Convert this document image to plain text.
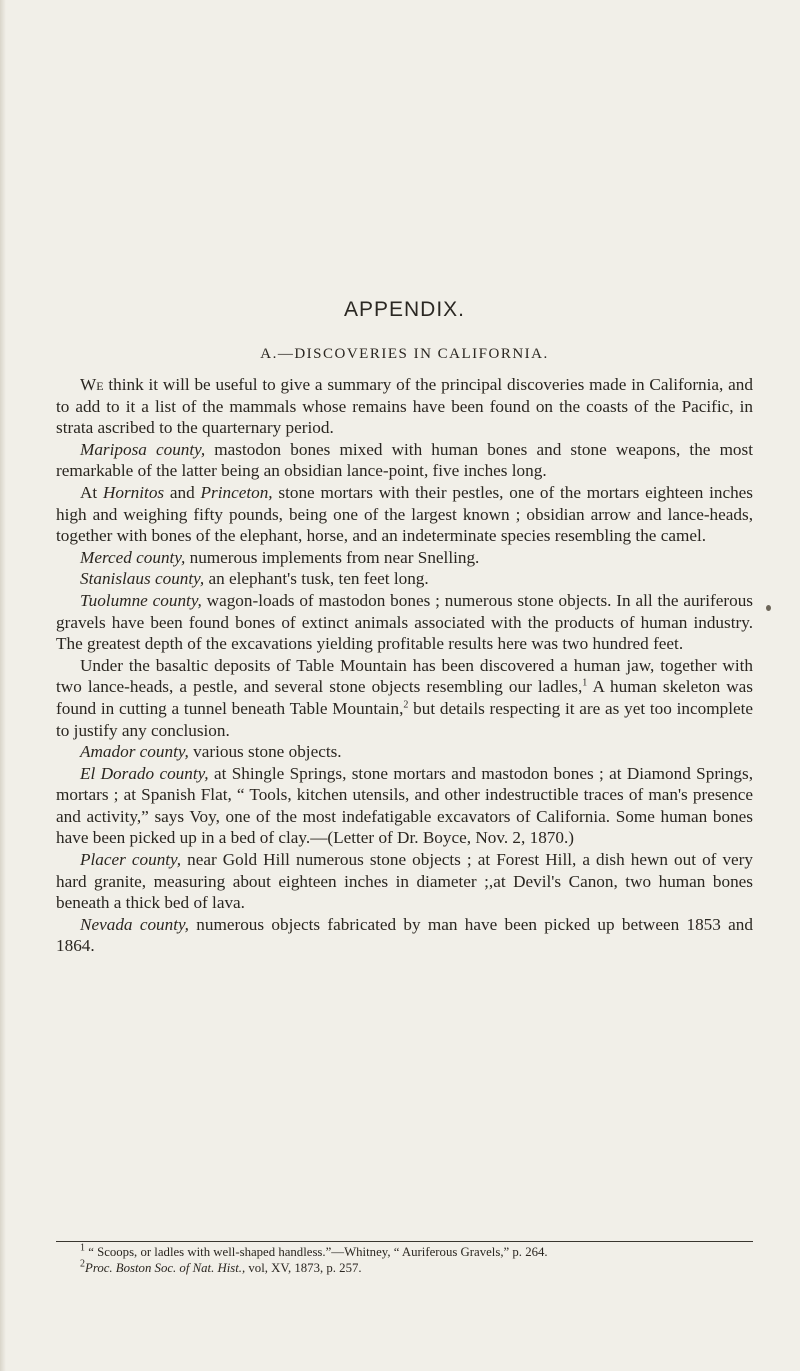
APPENDIX.
A.—DISCOVERIES IN CALIFORNIA.

We think it will be useful to give a summary of the principal discoveries made in California, and to add to it a list of the mammals whose remains have been found on the coasts of the Pacific, in strata ascribed to the quarternary period.

Mariposa county, mastodon bones mixed with human bones and stone weapons, the most remarkable of the latter being an obsidian lance-point, five inches long.

At Hornitos and Princeton, stone mortars with their pestles, one of the mortars eighteen inches high and weighing fifty pounds, being one of the largest known ; obsidian arrow and lance-heads, together with bones of the elephant, horse, and an indeterminate species resembling the camel.

Merced county, numerous implements from near Snelling.

Stanislaus county, an elephant's tusk, ten feet long.

Tuolumne county, wagon-loads of mastodon bones ; numerous stone objects. In all the auriferous gravels have been found bones of extinct animals associated with the products of human industry. The greatest depth of the excavations yielding profitable results here was two hundred feet.

Under the basaltic deposits of Table Mountain has been discovered a human jaw, together with two lance-heads, a pestle, and several stone objects resembling our ladles,$^1$ A human skeleton was found in cutting a tunnel beneath Table Mountain,$^2$ but details respecting it are as yet too incomplete to justify any conclusion.

Amador county, various stone objects.

El Dorado county, at Shingle Springs, stone mortars and mastodon bones ; at Diamond Springs, mortars ; at Spanish Flat, “ Tools, kitchen utensils, and other indestructible traces of man's presence and activity,” says Voy, one of the most indefatigable excavators of California. Some human bones have been picked up in a bed of clay.—(Letter of Dr. Boyce, Nov. 2, 1870.)

Placer county, near Gold Hill numerous stone objects ; at Forest Hill, a dish hewn out of very hard granite, measuring about eighteen inches in diameter ;,at Devil's Canon, two human bones beneath a thick bed of lava.

Nevada county, numerous objects fabricated by man have been picked up between 1853 and 1864.

$^1$ “ Scoops, or ladles with well-shaped handless.”—Whitney, “ Auriferous Gravels,” p. 264.

$^2$Proc. Boston Soc. of Nat. Hist., vol, XV, 1873, p. 257.
